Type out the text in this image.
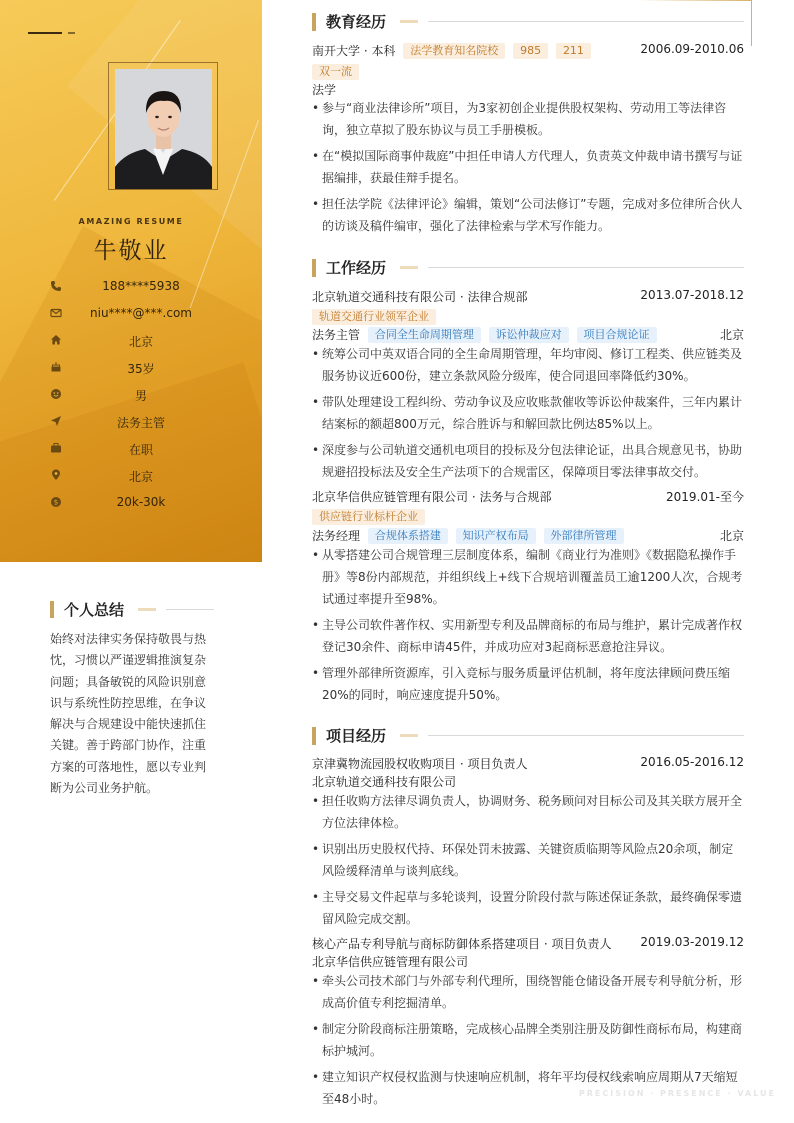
AMAZING RESUME
牛敬业
188****5938
niu****@***.com
北京
35岁
男
法务主管
在职
北京
$	20k-30k
个人总结
始终对法律实务保持敬畏与热忱，习惯以严谨逻辑推演复杂问题；具备敏锐的风险识别意识与系统性防控思维，在争议解决与合规建设中能快速抓住关键。善于跨部门协作，注重方案的可落地性，愿以专业判断为公司业务护航。
教育经历
南开大学 · 本科 法学教育知名院校 985 211	2006.09-2010.06
双一流
法学
• 参与“商业法律诊所”项目，为3家初创企业提供股权架构、劳动用工等法律咨询，独立草拟了股东协议与员工手册模板。
• 在“模拟国际商事仲裁庭”中担任申请人方代理人，负责英文仲裁申请书撰写与证据编排，获最佳辩手提名。
• 担任法学院《法律评论》编辑，策划“公司法修订”专题，完成对多位律所合伙人的访谈及稿件编审，强化了法律检索与学术写作能力。
工作经历
北京轨道交通科技有限公司 · 法律合规部	2013.07-2018.12
轨道交通行业领军企业
法务主管 合同全生命周期管理 诉讼仲裁应对 项目合规论证	北京
• 统筹公司中英双语合同的全生命周期管理，年均审阅、修订工程类、供应链类及服务协议近600份，建立条款风险分级库，使合同退回率降低约30%。
• 带队处理建设工程纠纷、劳动争议及应收账款催收等诉讼仲裁案件，三年内累计结案标的额超800万元，综合胜诉与和解回款比例达85%以上。
• 深度参与公司轨道交通机电项目的投标及分包法律论证，出具合规意见书，协助规避招投标法及安全生产法项下的合规雷区，保障项目零法律事故交付。
北京华信供应链管理有限公司 · 法务与合规部	2019.01-至今
供应链行业标杆企业
法务经理 合规体系搭建 知识产权布局 外部律所管理	北京
• 从零搭建公司合规管理三层制度体系，编制《商业行为准则》《数据隐私操作手册》等8份内部规范，并组织线上+线下合规培训覆盖员工逾1200人次，合规考试通过率提升至98%。
• 主导公司软件著作权、实用新型专利及品牌商标的布局与维护，累计完成著作权登记30余件、商标申请45件，并成功应对3起商标恶意抢注异议。
• 管理外部律所资源库，引入竞标与服务质量评估机制，将年度法律顾问费压缩20%的同时，响应速度提升50%。
项目经历
京津冀物流园股权收购项目 · 项目负责人	2016.05-2016.12
北京轨道交通科技有限公司
• 担任收购方法律尽调负责人，协调财务、税务顾问对目标公司及其关联方展开全方位法律体检。
• 识别出历史股权代持、环保处罚未披露、关键资质临期等风险点20余项，制定风险缓释清单与谈判底线。
• 主导交易文件起草与多轮谈判，设置分阶段付款与陈述保证条款，最终确保零遗留风险完成交割。
核心产品专利导航与商标防御体系搭建项目 · 项目负责人 2019.03-2019.12
北京华信供应链管理有限公司
• 牵头公司技术部门与外部专利代理所，围绕智能仓储设备开展专利导航分析，形成高价值专利挖掘清单。
• 制定分阶段商标注册策略，完成核心品牌全类别注册及防御性商标布局，构建商标护城河。
• 建立知识产权侵权监测与快速响应机制，将年平均侵权线索响应周期从7天缩短至48小时。	PRECISION · PRESENCE · VALUE
